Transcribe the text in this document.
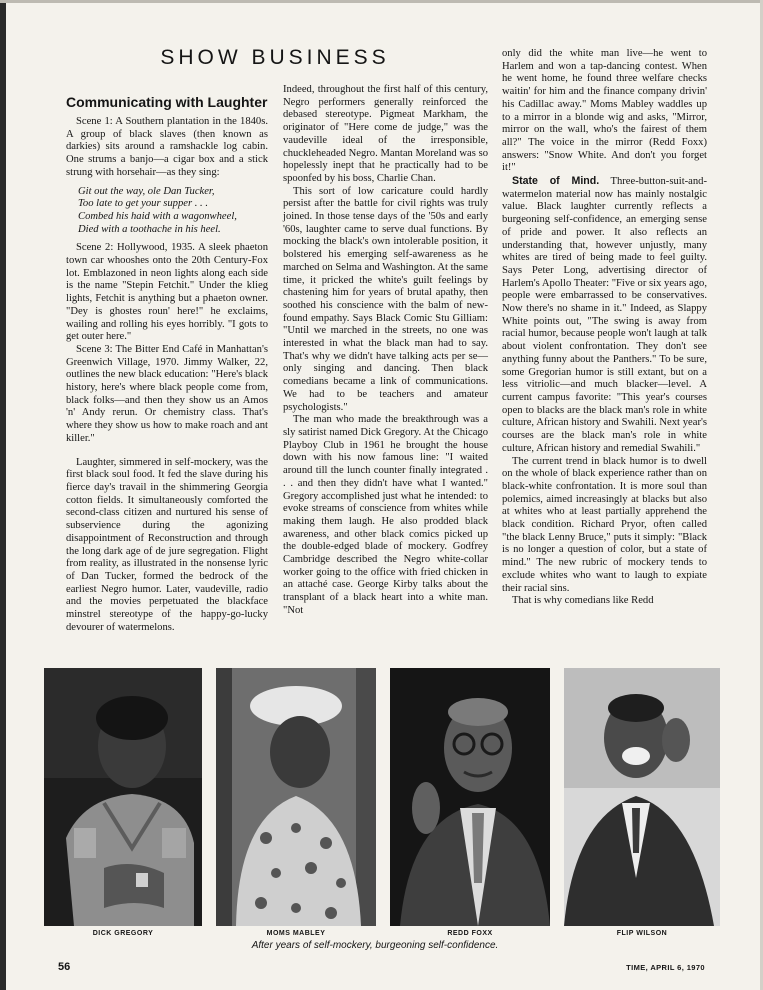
SHOW BUSINESS
Communicating with Laughter

Scene 1: A Southern plantation in the 1840s. A group of black slaves (then known as darkies) sits around a ramshackle log cabin. One strums a banjo—a cigar box and a stick strung with horsehair—as they sing:

Git out the way, ole Dan Tucker,
Too late to get your supper . . .
Combed his haid with a wagonwheel,
Died with a toothache in his heel.

Scene 2: Hollywood, 1935. A sleek phaeton town car whooshes onto the 20th Century-Fox lot. Emblazoned in neon lights along each side is the name "Stepin Fetchit." Under the klieg lights, Fetchit is anything but a phaeton owner. "Dey is ghostes roun' here!" he exclaims, wailing and rolling his eyes horribly. "I gots to get outer here."

Scene 3: The Bitter End Café in Manhattan's Greenwich Village, 1970. Jimmy Walker, 22, outlines the new black education: "Here's black history, here's where black people come from, black folks—and then they show us an Amos 'n' Andy rerun. Or chemistry class. That's where they show us how to make roach and ant killer."

Laughter, simmered in self-mockery, was the first black soul food. It fed the slave during his fierce day's travail in the shimmering Georgia cotton fields. It simultaneously comforted the second-class citizen and nurtured his sense of subservience during the agonizing disappointment of Reconstruction and through the long dark age of de jure segregation. Flight from reality, as illustrated in the nonsense lyric of Dan Tucker, formed the bedrock of the earliest Negro humor. Later, vaudeville, radio and the movies perpetuated the blackface minstrel stereotype of the happy-go-lucky devourer of watermelons.

Indeed, throughout the first half of this century, Negro performers generally reinforced the debased stereotype. Pigmeat Markham, the originator of "Here come de judge," was the vaudeville ideal of the irresponsible, chuckleheaded Negro. Mantan Moreland was so hopelessly inept that he practically had to be spoonfed by his boss, Charlie Chan.

This sort of low caricature could hardly persist after the battle for civil rights was truly joined. In those tense days of the '50s and early '60s, laughter came to serve dual functions. By mocking the black's own intolerable position, it bolstered his emerging self-awareness as he marched on Selma and Washington. At the same time, it pricked the white's guilt feelings by chastening him for years of brutal apathy, then soothed his conscience with the balm of new-found empathy. Says Black Comic Stu Gilliam: "Until we marched in the streets, no one was interested in what the black man had to say. That's why we didn't have talking acts per se—only singing and dancing. Then black comedians became a link of communications. We had to be teachers and amateur psychologists."

The man who made the breakthrough was a sly satirist named Dick Gregory. At the Chicago Playboy Club in 1961 he brought the house down with his now famous line: "I waited around till the lunch counter finally integrated . . . and then they didn't have what I wanted." Gregory accomplished just what he intended: to evoke streams of conscience from whites while making them laugh. He also prodded black awareness, and other black comics picked up the double-edged blade of mockery. Godfrey Cambridge described the Negro white-collar worker going to the office with fried chicken in an attaché case. George Kirby talks about the transplant of a black heart into a white man. "Not

only did the white man live—he went to Harlem and won a tap-dancing contest. When he went home, he found three welfare checks waitin' for him and the finance company drivin' his Cadillac away." Moms Mabley waddles up to a mirror in a blonde wig and asks, "Mirror, mirror on the wall, who's the fairest of them all?" The voice in the mirror (Redd Foxx) answers: "Snow White. And don't you forget it!"

State of Mind. Three-button-suit-and-watermelon material now has mainly nostalgic value. Black laughter currently reflects a burgeoning self-confidence, an emerging sense of pride and power. It also reflects an understanding that, however unjustly, many whites are tired of being made to feel guilty. Says Peter Long, advertising director of Harlem's Apollo Theater: "Five or six years ago, people were embarrassed to be conservatives. Now there's no shame in it." Indeed, as Slappy White points out, "The swing is away from racial humor, because people won't laugh at talk about violent confrontation. They don't see anything funny about the Panthers." To be sure, some Gregorian humor is still extant, but on a less vitriolic—and much blacker—level. A current campus favorite: "This year's courses open to blacks are the black man's role in white culture, African history and Swahili. Next year's courses are the black man's role in white culture, African history and remedial Swahili."

The current trend in black humor is to dwell on the whole of black experience rather than on black-white confrontation. It is more soul than polemics, aimed increasingly at blacks but also at whites who at least partially apprehend the black condition. Richard Pryor, often called "the black Lenny Bruce," puts it simply: "Black is no longer a question of color, but a state of mind." The new rubric of mockery tends to exclude whites who want to laugh to expiate their racial sins.

That is why comedians like Redd

DICK GREGORY	MOMS MABLEY	REDD FOXX	FLIP WILSON
After years of self-mockery, burgeoning self-confidence.
56	TIME, APRIL 6, 1970
